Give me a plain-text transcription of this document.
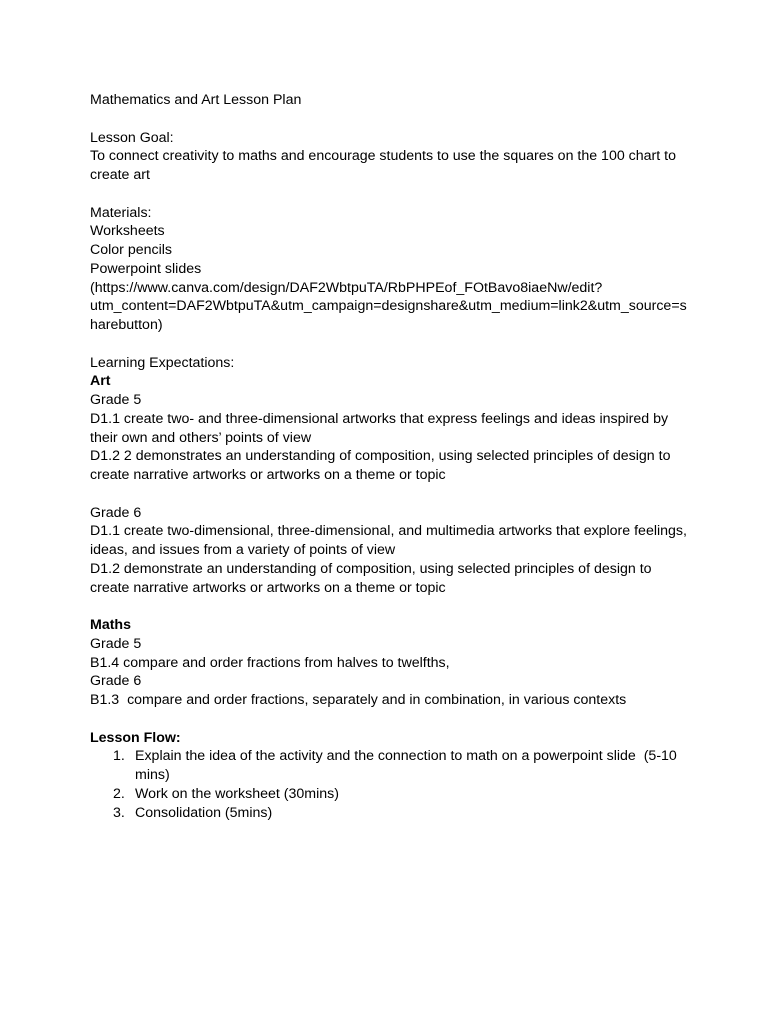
Mathematics and Art Lesson Plan
Lesson Goal:
To connect creativity to maths and encourage students to use the squares on the 100 chart to
create art
Materials:
Worksheets
Color pencils
Powerpoint slides
(https://www.canva.com/design/DAF2WbtpuTA/RbPHPEof_FOtBavo8iaeNw/edit?
utm_content=DAF2WbtpuTA&utm_campaign=designshare&utm_medium=link2&utm_source=s
harebutton)
Learning Expectations:
Art
Grade 5
D1.1 create two- and three-dimensional artworks that express feelings and ideas inspired by
their own and others’ points of view
D1.2 2 demonstrates an understanding of composition, using selected principles of design to
create narrative artworks or artworks on a theme or topic
Grade 6
D1.1 create two-dimensional, three-dimensional, and multimedia artworks that explore feelings,
ideas, and issues from a variety of points of view
D1.2 demonstrate an understanding of composition, using selected principles of design to
create narrative artworks or artworks on a theme or topic
Maths
Grade 5
B1.4 compare and order fractions from halves to twelfths,
Grade 6
B1.3  compare and order fractions, separately and in combination, in various contexts
Lesson Flow:
1. Explain the idea of the activity and the connection to math on a powerpoint slide  (5-10
mins)
2. Work on the worksheet (30mins)
3. Consolidation (5mins)
